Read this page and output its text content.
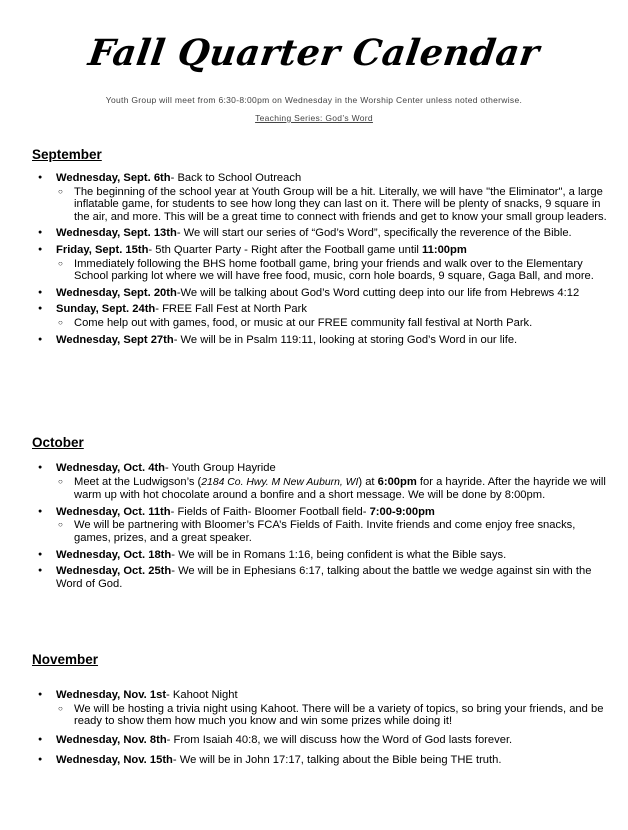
Fall Quarter Calendar
Youth Group will meet from 6:30-8:00pm on Wednesday in the Worship Center unless noted otherwise.
Teaching Series: God’s Word
September
● Wednesday, Sept. 6th- Back to School Outreach
○ The beginning of the school year at Youth Group will be a hit. Literally, we will have "the Eliminator", a large inflatable game, for students to see how long they can last on it. There will be plenty of snacks, 9 square in the air, and more. This will be a great time to connect with friends and get to know your small group leaders.
● Wednesday, Sept. 13th- We will start our series of “God’s Word”, specifically the reverence of the Bible.
● Friday, Sept. 15th- 5th Quarter Party - Right after the Football game until 11:00pm
○ Immediately following the BHS home football game, bring your friends and walk over to the Elementary School parking lot where we will have free food, music, corn hole boards, 9 square, Gaga Ball, and more.
● Wednesday, Sept. 20th-We will be talking about God’s Word cutting deep into our life from Hebrews 4:12
● Sunday, Sept. 24th- FREE Fall Fest at North Park
○ Come help out with games, food, or music at our FREE community fall festival at North Park.
● Wednesday, Sept 27th- We will be in Psalm 119:11, looking at storing God’s Word in our life.
October
● Wednesday, Oct. 4th- Youth Group Hayride
○ Meet at the Ludwigson’s (2184 Co. Hwy. M New Auburn, WI) at 6:00pm for a hayride. After the hayride we will warm up with hot chocolate around a bonfire and a short message. We will be done by 8:00pm.
● Wednesday, Oct. 11th- Fields of Faith- Bloomer Football field- 7:00-9:00pm
○ We will be partnering with Bloomer’s FCA’s Fields of Faith. Invite friends and come enjoy free snacks, games, prizes, and a great speaker.
● Wednesday, Oct. 18th- We will be in Romans 1:16, being confident is what the Bible says.
● Wednesday, Oct. 25th- We will be in Ephesians 6:17, talking about the battle we wedge against sin with the Word of God.
November
● Wednesday, Nov. 1st- Kahoot Night
○ We will be hosting a trivia night using Kahoot. There will be a variety of topics, so bring your friends, and be ready to show them how much you know and win some prizes while doing it!
● Wednesday, Nov. 8th- From Isaiah 40:8, we will discuss how the Word of God lasts forever.
● Wednesday, Nov. 15th- We will be in John 17:17, talking about the Bible being THE truth.
